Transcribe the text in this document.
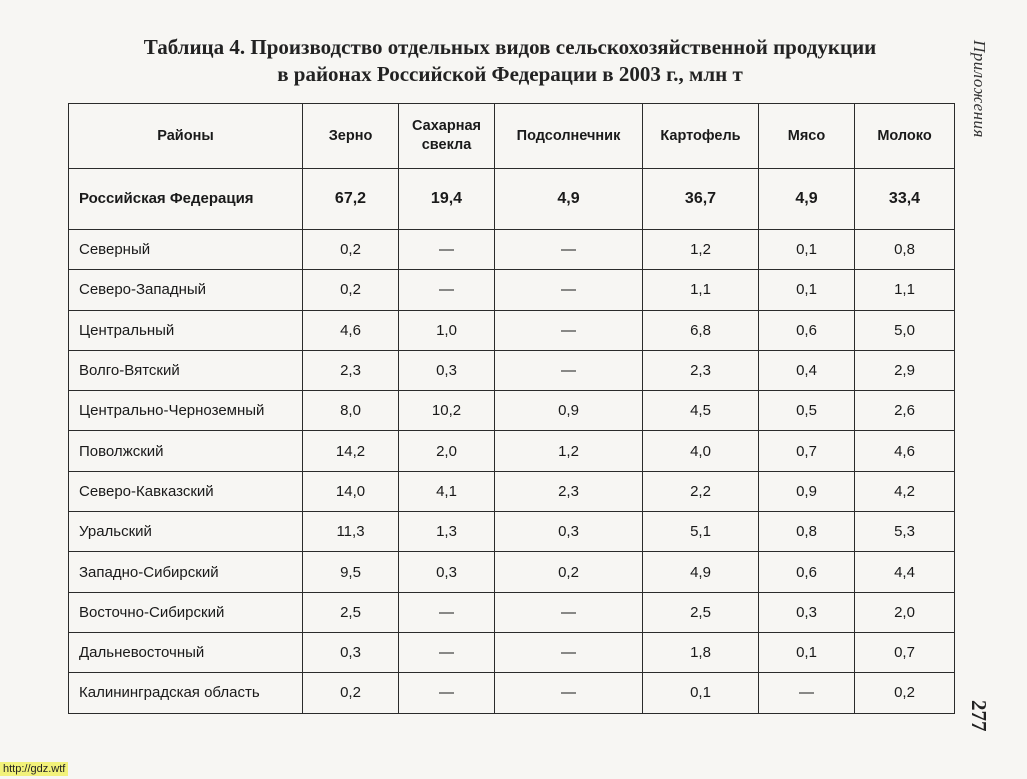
Таблица 4. Производство отдельных видов сельскохозяйственной продукции
в районах Российской Федерации в 2003 г., млн т
Районы	Зерно	Сахарная свекла	Подсолнечник	Картофель	Мясо	Молоко
Российская Федерация	67,2	19,4	4,9	36,7	4,9	33,4
Северный	0,2	—	—	1,2	0,1	0,8
Северо-Западный	0,2	—	—	1,1	0,1	1,1
Центральный	4,6	1,0	—	6,8	0,6	5,0
Волго-Вятский	2,3	0,3	—	2,3	0,4	2,9
Центрально-Черноземный	8,0	10,2	0,9	4,5	0,5	2,6
Поволжский	14,2	2,0	1,2	4,0	0,7	4,6
Северо-Кавказский	14,0	4,1	2,3	2,2	0,9	4,2
Уральский	11,3	1,3	0,3	5,1	0,8	5,3
Западно-Сибирский	9,5	0,3	0,2	4,9	0,6	4,4
Восточно-Сибирский	2,5	—	—	2,5	0,3	2,0
Дальневосточный	0,3	—	—	1,8	0,1	0,7
Калининградская область	0,2	—	—	0,1	—	0,2
Приложения
277
http://gdz.wtf
